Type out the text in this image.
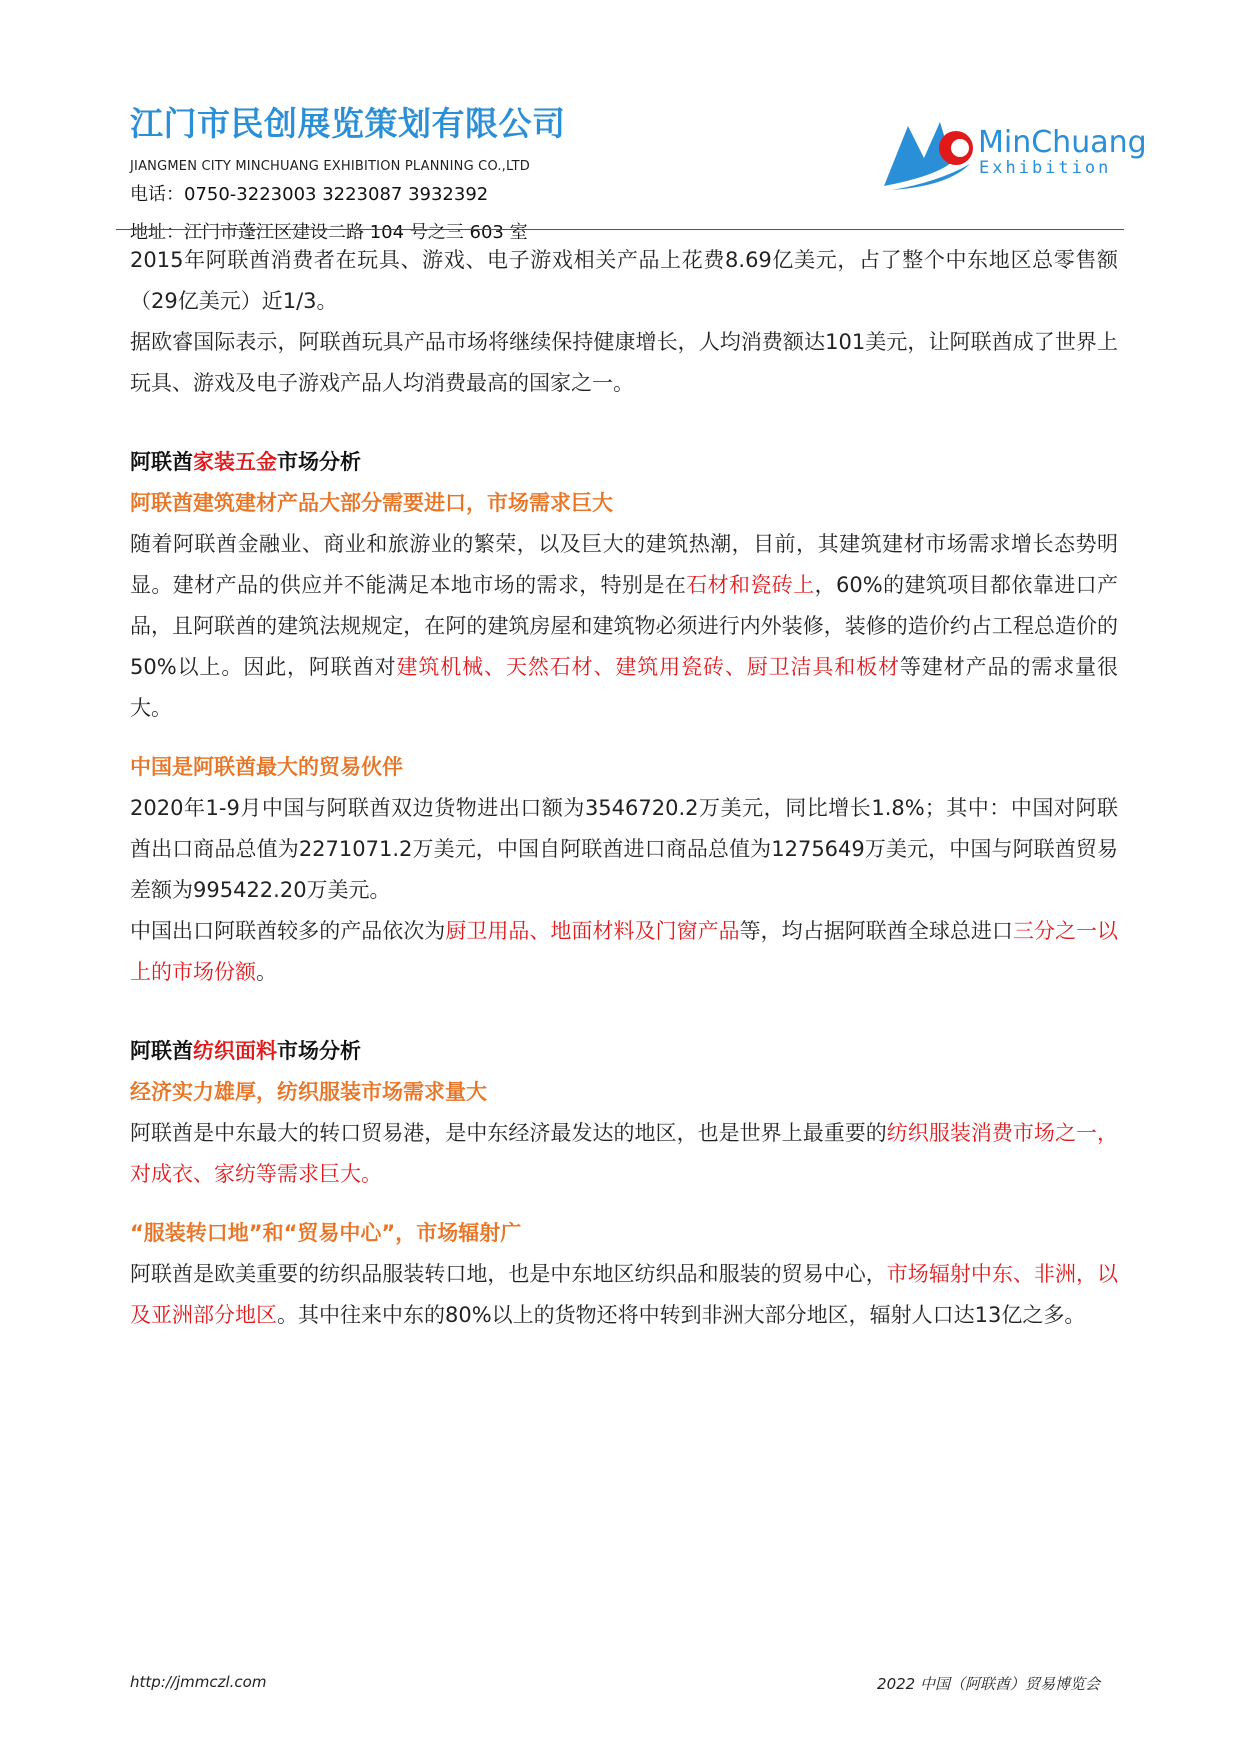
江门市民创展览策划有限公司
JIANGMEN CITY MINCHUANG EXHIBITION PLANNING CO.,LTD
电话：0750-3223003 3223087 3932392
地址：江门市蓬江区建设二路 104 号之三 603 室
MinChuang
Exhibition

2015年阿联酋消费者在玩具、游戏、电子游戏相关产品上花费8.69亿美元，占了整个中东地区总零售额（29亿美元）近1/3。

据欧睿国际表示，阿联酋玩具产品市场将继续保持健康增长，人均消费额达101美元，让阿联酋成了世界上玩具、游戏及电子游戏产品人均消费最高的国家之一。

阿联酋家装五金市场分析

阿联酋建筑建材产品大部分需要进口，市场需求巨大

随着阿联酋金融业、商业和旅游业的繁荣，以及巨大的建筑热潮，目前，其建筑建材市场需求增长态势明显。建材产品的供应并不能满足本地市场的需求，特别是在石材和瓷砖上，60%的建筑项目都依靠进口产品，且阿联酋的建筑法规规定，在阿的建筑房屋和建筑物必须进行内外装修，装修的造价约占工程总造价的50%以上。因此，阿联酋对建筑机械、天然石材、建筑用瓷砖、厨卫洁具和板材等建材产品的需求量很大。

中国是阿联酋最大的贸易伙伴

2020年1-9月中国与阿联酋双边货物进出口额为3546720.2万美元，同比增长1.8%；其中：中国对阿联酋出口商品总值为2271071.2万美元，中国自阿联酋进口商品总值为1275649万美元，中国与阿联酋贸易差额为995422.20万美元。

中国出口阿联酋较多的产品依次为厨卫用品、地面材料及门窗产品等，均占据阿联酋全球总进口三分之一以上的市场份额。

阿联酋纺织面料市场分析

经济实力雄厚，纺织服装市场需求量大

阿联酋是中东最大的转口贸易港，是中东经济最发达的地区，也是世界上最重要的纺织服装消费市场之一，对成衣、家纺等需求巨大。

“服装转口地”和“贸易中心”，市场辐射广

阿联酋是欧美重要的纺织品服装转口地，也是中东地区纺织品和服装的贸易中心，市场辐射中东、非洲，以及亚洲部分地区。其中往来中东的80%以上的货物还将中转到非洲大部分地区，辐射人口达13亿之多。

http://jmmczl.com	2022 中国（阿联酋）贸易博览会
